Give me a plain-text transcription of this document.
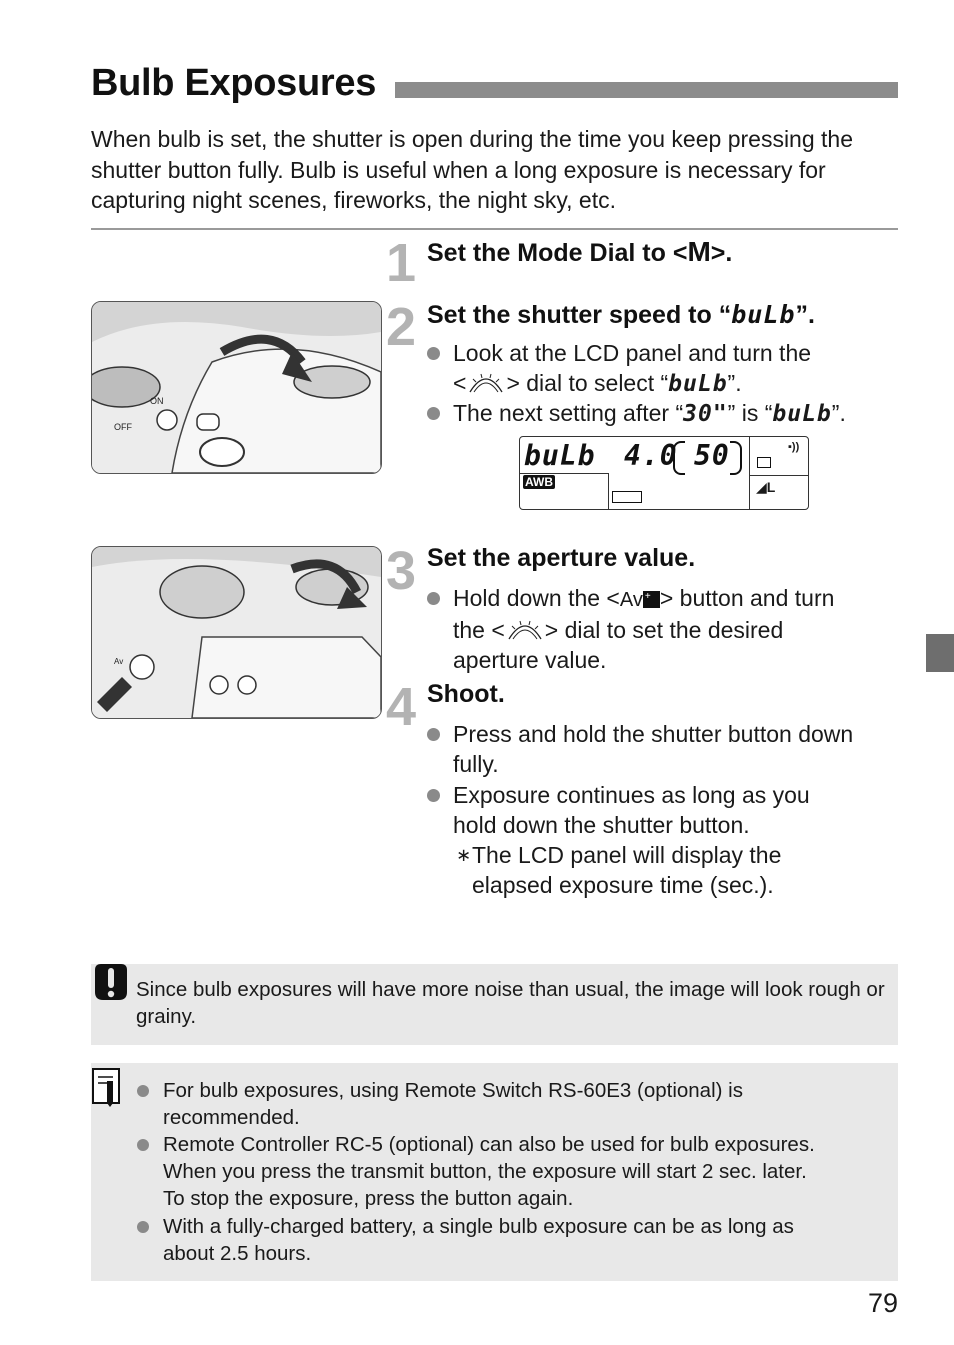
Bulb Exposures
When bulb is set, the shutter is open during the time you keep pressing the shutter button fully. Bulb is useful when a long exposure is necessary for capturing night scenes, fireworks, the night sky, etc.
ON
OFF
1 Set the Mode Dial to <M>.
2 Set the shutter speed to “buLb”.
Look at the LCD panel and turn the
< > dial to select “buLb”.
The next setting after “30"” is “buLb”.
buLb 4.0 50
AWB
▪))
◢L
Av
3 Set the aperture value.
Hold down the <Av + > button and turn
the < > dial to set the desired
aperture value.
4 Shoot.
Press and hold the shutter button down
fully.
Exposure continues as long as you
hold down the shutter button.
∗ The LCD panel will display the
elapsed exposure time (sec.).
Since bulb exposures will have more noise than usual, the image will look rough or grainy.
For bulb exposures, using Remote Switch RS-60E3 (optional) is
recommended.
Remote Controller RC-5 (optional) can also be used for bulb exposures.
When you press the transmit button, the exposure will start 2 sec. later.
To stop the exposure, press the button again.
With a fully-charged battery, a single bulb exposure can be as long as
about 2.5 hours.
79
